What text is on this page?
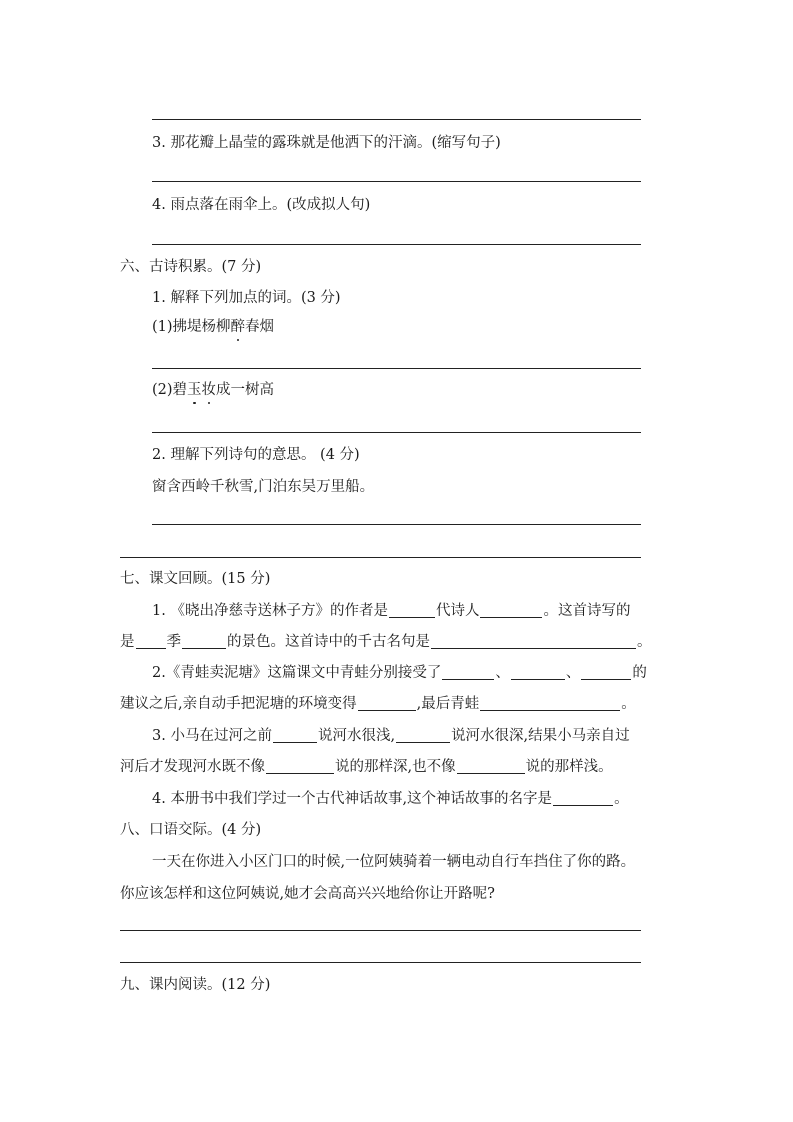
3. 那花瓣上晶莹的露珠就是他洒下的汗滴。(缩写句子)
4. 雨点落在雨伞上。(改成拟人句)
六、古诗积累。(7 分)
1. 解释下列加点的词。(3 分)
(1)拂堤杨柳醉春烟
(2)碧玉妆成一树高
2. 理解下列诗句的意思。 (4 分)
窗含西岭千秋雪,门泊东吴万里船。
七、课文回顾。(15 分)
1. 《晓出净慈寺送林子方》的作者是	代诗人	。这首诗写的
是 季	的景色。这首诗中的千古名句是	。
2.《青蛙卖泥塘》这篇课文中青蛙分别接受了	、	、	的
建议之后,亲自动手把泥塘的环境变得	,最后青蛙	。
3. 小马在过河之前	说河水很浅,	说河水很深,结果小马亲自过
河后才发现河水既不像	说的那样深,也不像	说的那样浅。
4. 本册书中我们学过一个古代神话故事,这个神话故事的名字是	。
八、口语交际。(4 分)
一天在你进入小区门口的时候,一位阿姨骑着一辆电动自行车挡住了你的路。
你应该怎样和这位阿姨说,她才会高高兴兴地给你让开路呢?
九、课内阅读。(12 分)
